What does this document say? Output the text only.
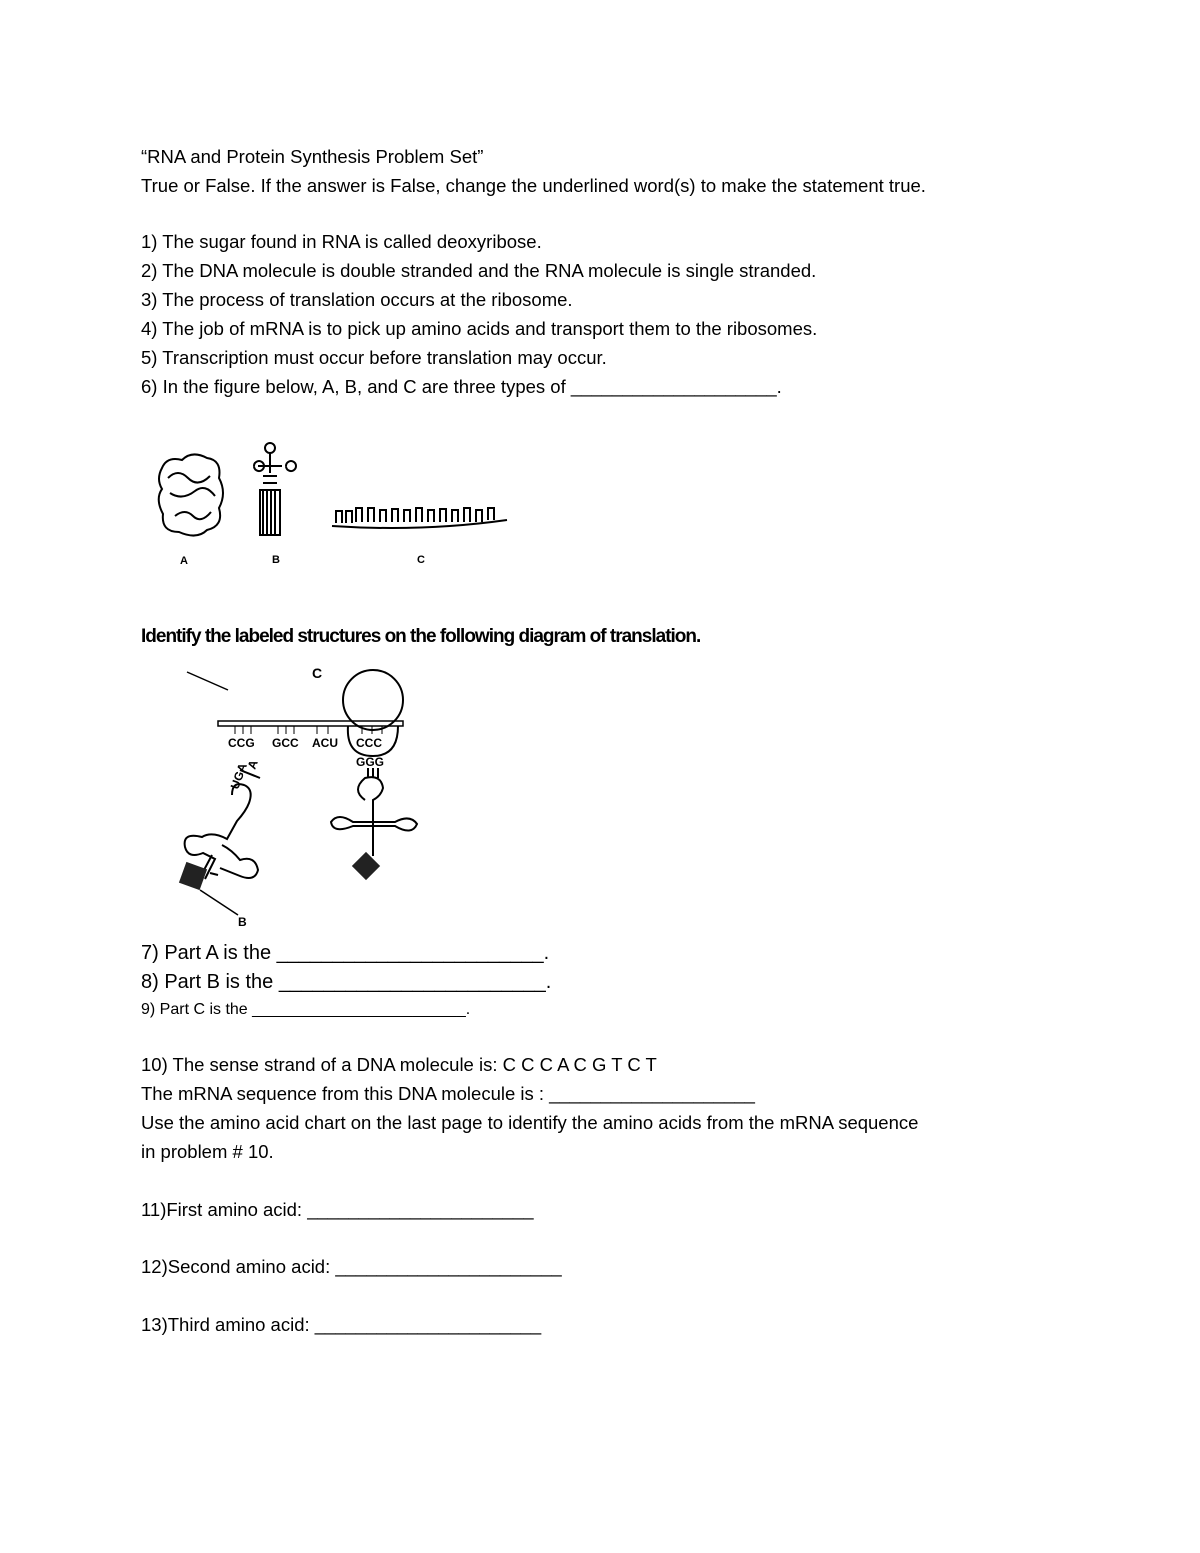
“RNA and Protein Synthesis Problem Set”
True or False. If the answer is False, change the underlined word(s) to make the statement true.
1) The sugar found in RNA is called deoxyribose.
2) The DNA molecule is double stranded and the RNA molecule is single stranded.
3) The process of translation occurs at the ribosome.
4) The job of mRNA is to pick up amino acids and transport them to the ribosomes.
5) Transcription must occur before translation may occur.
6) In the figure below, A, B, and C are three types of ____________________.
A	B	C
Identify the labeled structures on the following diagram of translation.
C
CCG GCC ACU CCC
GGG
UGA
A
B
7) Part A is the ________________________.
8) Part B is the ________________________.
9) Part C is the ________________________.
10) The sense strand of a DNA molecule is: C C C A C G T C T
The mRNA sequence from this DNA molecule is : ____________________
Use the amino acid chart on the last page to identify the amino acids from the mRNA sequence
in problem # 10.
11)First amino acid: ______________________
12)Second amino acid: ______________________
13)Third amino acid: ______________________
